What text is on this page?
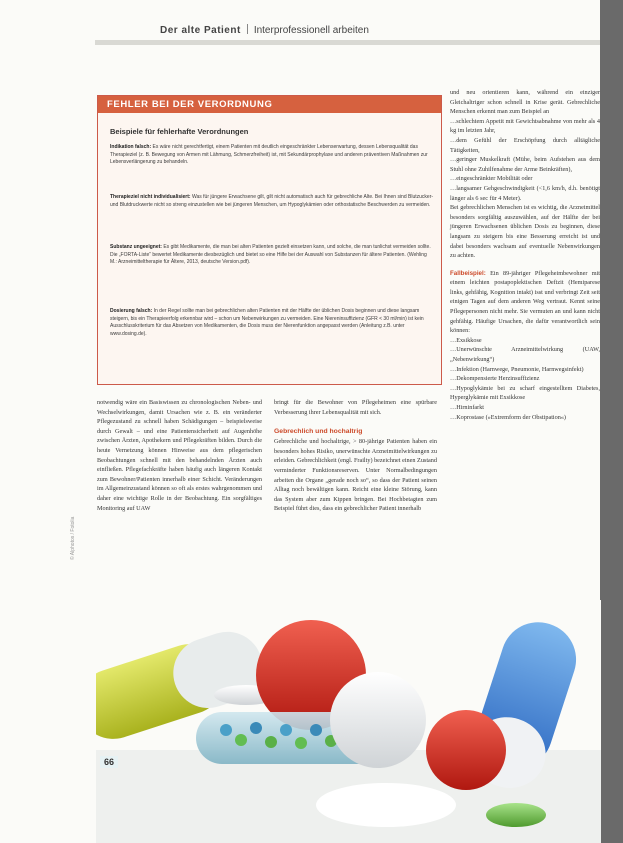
Der alte Patient Interprofessionell arbeiten
FEHLER BEI DER VERORDNUNG
Beispiele für fehlerhafte Verordnungen
Indikation falsch: Es wäre nicht gerechtfertigt, einem Patienten mit deutlich eingeschränkter Lebenserwartung, dessen Lebensqualität das Therapieziel (z. B. Bewegung von Armen mit Lähmung, Schmerzfreiheit) ist, mit Sekundärprophylaxe und anderen präventiven Maßnahmen zur Lebensverlängerung zu behandeln.
Therapieziel nicht individualisiert: Was für jüngere Erwachsene gilt, gilt nicht automatisch auch für gebrechliche Alte. Bei Ihnen sind Blutzucker- und Blutdruckwerte nicht so streng einzustellen wie bei jüngeren Menschen, um Hypoglykämien oder orthostatische Beschwerden zu vermeiden.
Substanz ungeeignet: Es gibt Medikamente, die man bei alten Patienten gezielt einsetzen kann, und solche, die man tunlichst vermeiden sollte. Die „FORTA-Liste“ bewertet Medikamente diesbezüglich und bietet so eine Hilfe bei der Auswahl von Substanzen für ältere Patienten. (Wehling M.: Arzneimitteltherapie für Ältere, 2013, deutsche Version.pdf).
Dosierung falsch: In der Regel sollte man bei gebrechlichen alten Patienten mit der Hälfte der üblichen Dosis beginnen und diese langsam steigern, bis ein Therapieerfolg erkennbar wird – schon um Nebenwirkungen zu vermeiden. Eine Niereninsuffizienz (GFR < 30 ml/min) ist kein Ausschlusskriterium für das Absetzen von Medikamenten, die Dosis muss der Nierenfunktion angepasst werden (Anleitung z.B. unter www.dosing.de).

notwendig wäre ein Basiswissen zu chronologischen Neben- und Wechselwirkungen, damit Ursachen wie z. B. ein veränderter Pflegezustand zu schnell haben Schädigungen – beispielsweise durch Gewalt – und eine Patientensicherheit auf Augenhöhe zwischen Ärzten, Apothekern und Pflegekräften bilden. Durch die heute Vernetzung können Hinweise aus dem pflegerischen Beobachtungen schnell mit den behandelnden Ärzten auch einfließen. Pflegefachkräfte haben häufig auch längeren Kontakt zum Bewohner/Patienten innerhalb einer Schicht. Veränderungen im Allgemeinzustand können so oft als erstes wahrgenommen und daher eine wichtige Rolle in der Beobachtung. Ein sorgfältiges Monitoring auf UAW

bringt für die Bewohner von Pflegeheimen eine spürbare Verbesserung ihrer Lebensqualität mit sich.

Gebrechlich und hochaltrig

Gebrechliche und hochaltrige, > 80-jährige Patienten haben ein besonders hohes Risiko, unerwünschte Arzneimittelwirkungen zu erleiden. Gebrechlichkeit (engl. Frailty) bezeichnet einen Zustand verminderter Funktionsreserven. Unter Normalbedingungen arbeiten die Organe „gerade noch so“, so dass der Patient seinen Alltag noch bewältigen kann. Reicht eine kleine Störung, kann das System aber zum Kippen bringen. Bei Hochbetagten zum Beispiel führt dies, dass ein gebrechlicher Patient innerhalb

und neu orientieren kann, während ein einziger Gleichaltriger schon schnell in Krise gerät. Gebrechliche Menschen erkennt man zum Beispiel an

…schlechtem Appetit mit Gewichtsabnahme von mehr als 4 kg im letzten Jahr,

…dem Gefühl der Erschöpfung durch alltägliche Tätigkeiten,

…geringer Muskelkraft (Mühe, beim Aufstehen aus dem Stuhl ohne Zuhilfenahme der Arme Beinkräften),

…eingeschränkter Mobilität oder

…langsamer Gehgeschwindigkeit (<1,6 km/h, d.h. benötigt länger als 6 sec für 4 Meter).

Bei gebrechlichen Menschen ist es wichtig, die Arzneimittel besonders sorgfältig auszuwählen, auf der Hälfte der bei jüngeren Erwachsenen üblichen Dosis zu beginnen, diese langsam zu steigern bis eine Besserung erreicht ist und dabei besonders wachsam auf eventuelle Nebenwirkungen zu achten.

Fallbeispiel: Ein 89-jähriger Pflegeheimbewohner mit einem leichten postapoplektischen Defizit (Hemiparese links, gehfähig, Kognition intakt) isst und verbringt Zeit seit einigen Tagen auf dem anderen Weg vertraut. Kennt seine Pflegepersonen nicht mehr. Sie vermuten an und kann nicht gehfähig. Häufige Ursachen, die dafür verantwortlich sein können:

…Exsikkose

…Unerwünschte Arzneimittelwirkung (UAW, „Nebenwirkung“)

…Infektion (Harnwege, Pneumonie, Harnwegsinfekt)

…Dekompensierte Herzinsuffizienz

…Hypoglykämie bei zu scharf eingestelltem Diabetes, Hyperglykämie mit Exsikkose

…Hirninfarkt

…Koprostase (»Extremform der Obstipation«)

© Alphotos / Fotolia
66
